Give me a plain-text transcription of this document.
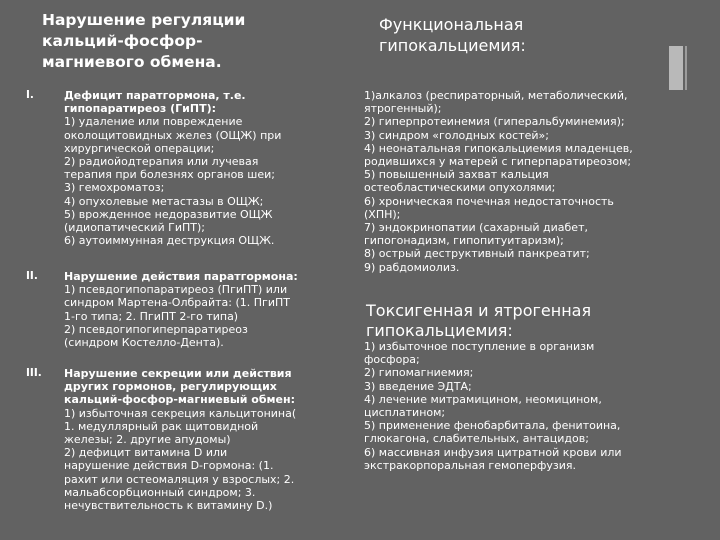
Нарушение регуляции
кальций-фосфор-
магниевого обмена.
Функциональная
гипокальциемия:
I.	Дефицит паратгормона, т.е.
гипопаратиреоз (ГиПТ):
1) удаление или повреждение
околощитовидных желез (ОЩЖ) при
хирургической операции;
2) радиойодтерапия или лучевая
терапия при болезнях органов шеи;
3) гемохроматоз;
4) опухолевые метастазы в ОЩЖ;
5) врожденное недоразвитие ОЩЖ
(идиопатический ГиПТ);
6) аутоиммунная деструкция ОЩЖ.
II. Нарушение действия паратгормона:
1) псевдогипопаратиреоз (ПгиПТ) или
синдром Мартена-Олбрайта: (1. ПгиПТ
1-го типа; 2. ПгиПТ 2-го типа)
2) псевдогипогиперпаратиреоз
(синдром Костелло-Дента).
III. Нарушение секреции или действия
других гормонов, регулирующих
кальций-фосфор-магниевый обмен:
1) избыточная секреция кальцитонина(
1. медуллярный рак щитовидной
железы; 2. другие апудомы)
2) дефицит витамина D или
нарушение действия D-гормона: (1.
рахит или остеомаляция у взрослых; 2.
мальабсорбционный синдром; 3.
нечувствительность к витамину D.)
1)алкалоз (респираторный, метаболический,
ятрогенный);
2) гиперпротеинемия (гиперальбуминемия);
3) синдром «голодных костей»;
4) неонатальная гипокальциемия младенцев,
родившихся у матерей с гиперпаратиреозом;
5) повышенный захват кальция
остеобластическими опухолями;
6) хроническая почечная недостаточность
(ХПН);
7) эндокринопатии (сахарный диабет,
гипогонадизм, гипопитуитаризм);
8) острый деструктивный панкреатит;
9) рабдомиолиз.
Токсигенная и ятрогенная
гипокальциемия:
1) избыточное поступление в организм
фосфора;
2) гипомагниемия;
3) введение ЭДТА;
4) лечение митрамицином, неомицином,
цисплатином;
5) применение фенобарбитала, фенитоина,
глюкагона, слабительных, антацидов;
6) массивная инфузия цитратной крови или
экстракорпоральная гемоперфузия.
